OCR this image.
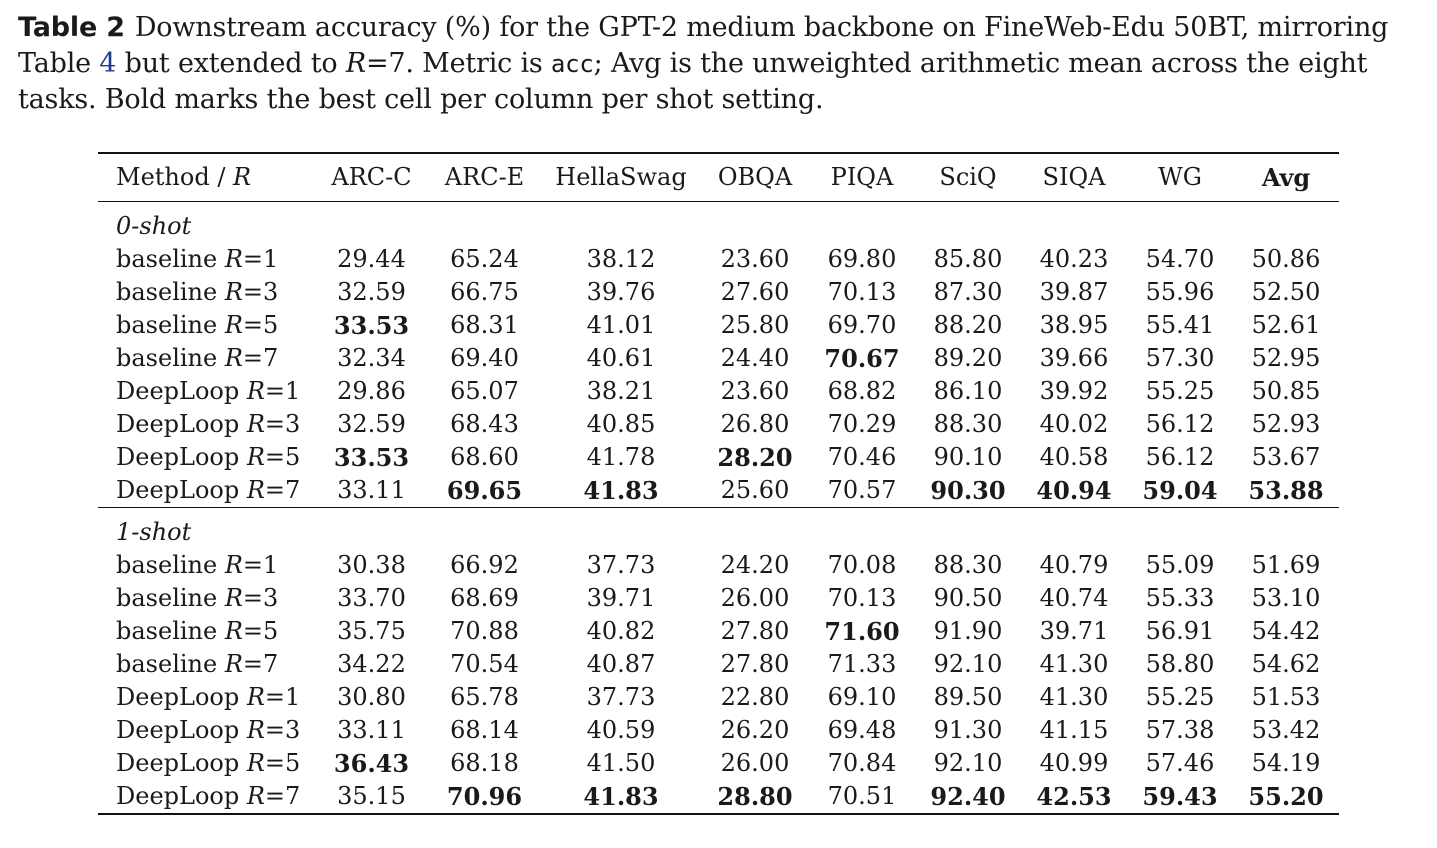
Table 2 Downstream accuracy (%) for the GPT-2 medium backbone on FineWeb-Edu 50BT, mirroring Table 4 but extended to R=7. Metric is acc; Avg is the unweighted arithmetic mean across the eight tasks. Bold marks the best cell per column per shot setting.
Method / R	ARC-C	ARC-E	HellaSwag	OBQA	PIQA	SciQ	SIQA	WG	Avg
0-shot									
baseline R=1	29.44	65.24	38.12	23.60	69.80	85.80	40.23	54.70	50.86
baseline R=3	32.59	66.75	39.76	27.60	70.13	87.30	39.87	55.96	52.50
baseline R=5	33.53	68.31	41.01	25.80	69.70	88.20	38.95	55.41	52.61
baseline R=7	32.34	69.40	40.61	24.40	70.67	89.20	39.66	57.30	52.95
DeepLoop R=1	29.86	65.07	38.21	23.60	68.82	86.10	39.92	55.25	50.85
DeepLoop R=3	32.59	68.43	40.85	26.80	70.29	88.30	40.02	56.12	52.93
DeepLoop R=5	33.53	68.60	41.78	28.20	70.46	90.10	40.58	56.12	53.67
DeepLoop R=7	33.11	69.65	41.83	25.60	70.57	90.30	40.94	59.04	53.88
1-shot									
baseline R=1	30.38	66.92	37.73	24.20	70.08	88.30	40.79	55.09	51.69
baseline R=3	33.70	68.69	39.71	26.00	70.13	90.50	40.74	55.33	53.10
baseline R=5	35.75	70.88	40.82	27.80	71.60	91.90	39.71	56.91	54.42
baseline R=7	34.22	70.54	40.87	27.80	71.33	92.10	41.30	58.80	54.62
DeepLoop R=1	30.80	65.78	37.73	22.80	69.10	89.50	41.30	55.25	51.53
DeepLoop R=3	33.11	68.14	40.59	26.20	69.48	91.30	41.15	57.38	53.42
DeepLoop R=5	36.43	68.18	41.50	26.00	70.84	92.10	40.99	57.46	54.19
DeepLoop R=7	35.15	70.96	41.83	28.80	70.51	92.40	42.53	59.43	55.20
